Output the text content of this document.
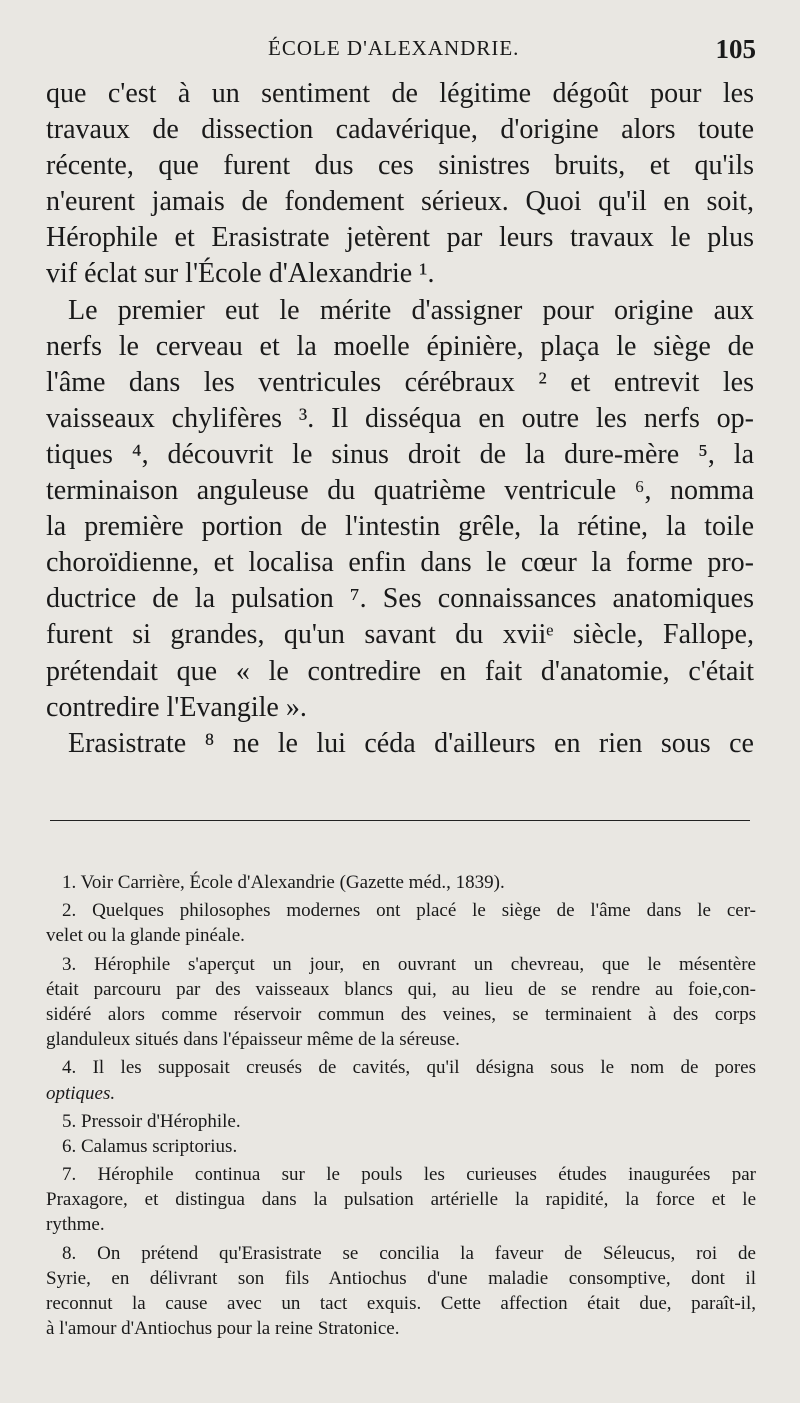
ÉCOLE D'ALEXANDRIE.	105
que c'est à un sentiment de légitime dégoût pour les
travaux de dissection cadavérique, d'origine alors toute
récente, que furent dus ces sinistres bruits, et qu'ils
n'eurent jamais de fondement sérieux. Quoi qu'il en soit,
Hérophile et Erasistrate jetèrent par leurs travaux le plus
vif éclat sur l'École d'Alexandrie ¹.
Le premier eut le mérite d'assigner pour origine aux
nerfs le cerveau et la moelle épinière, plaça le siège de
l'âme dans les ventricules cérébraux ² et entrevit les
vaisseaux chylifères ³. Il disséqua en outre les nerfs op-
tiques ⁴, découvrit le sinus droit de la dure-mère ⁵, la
terminaison anguleuse du quatrième ventricule ⁶, nomma
la première portion de l'intestin grêle, la rétine, la toile
choroïdienne, et localisa enfin dans le cœur la forme pro-
ductrice de la pulsation ⁷. Ses connaissances anatomiques
furent si grandes, qu'un savant du xviiᵉ siècle, Fallope,
prétendait que « le contredire en fait d'anatomie, c'était
contredire l'Evangile ».
Erasistrate ⁸ ne le lui céda d'ailleurs en rien sous ce
1. Voir Carrière, École d'Alexandrie (Gazette méd., 1839).
2. Quelques philosophes modernes ont placé le siège de l'âme dans le cer-
velet ou la glande pinéale.
3. Hérophile s'aperçut un jour, en ouvrant un chevreau, que le mésentère
était parcouru par des vaisseaux blancs qui, au lieu de se rendre au foie,con-
sidéré alors comme réservoir commun des veines, se terminaient à des corps
glanduleux situés dans l'épaisseur même de la séreuse.
4. Il les supposait creusés de cavités, qu'il désigna sous le nom de pores
optiques.
5. Pressoir d'Hérophile.
6. Calamus scriptorius.
7. Hérophile continua sur le pouls les curieuses études inaugurées par
Praxagore, et distingua dans la pulsation artérielle la rapidité, la force et le
rythme.
8. On prétend qu'Erasistrate se concilia la faveur de Séleucus, roi de
Syrie, en délivrant son fils Antiochus d'une maladie consomptive, dont il
reconnut la cause avec un tact exquis. Cette affection était due, paraît-il,
à l'amour d'Antiochus pour la reine Stratonice.
